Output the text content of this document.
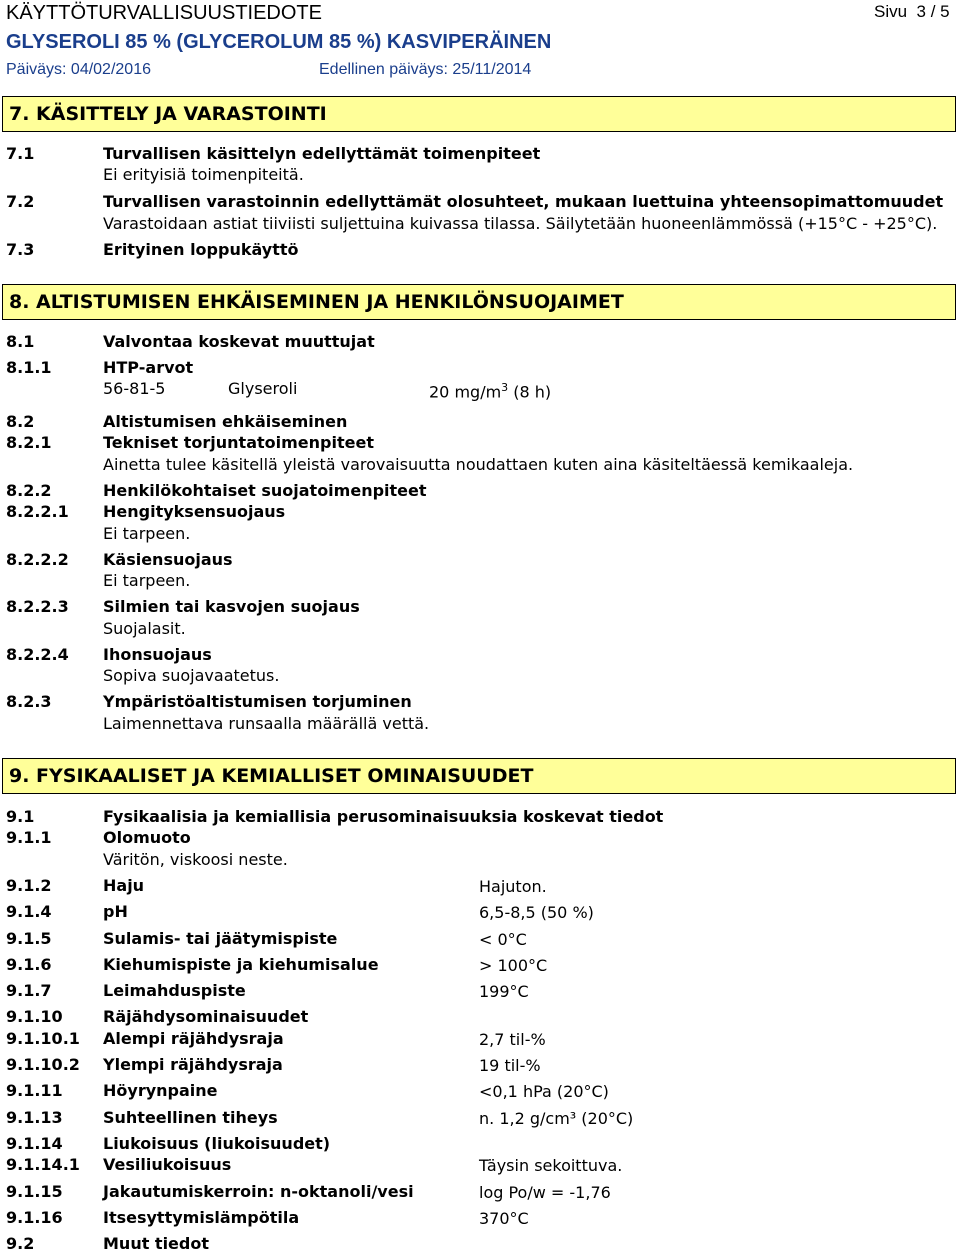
KÄYTTÖTURVALLISUUSTIEDOTE	Sivu  3 / 5
GLYSEROLI 85 % (GLYCEROLUM 85 %) KASVIPERÄINEN
Päiväys: 04/02/2016	Edellinen päiväys: 25/11/2014
7. KÄSITTELY JA VARASTOINTI
7.1	Turvallisen käsittelyn edellyttämät toimenpiteet
Ei erityisiä toimenpiteitä.
7.2	Turvallisen varastoinnin edellyttämät olosuhteet, mukaan luettuina yhteensopimattomuudet
Varastoidaan astiat tiiviisti suljettuina kuivassa tilassa. Säilytetään huoneenlämmössä (+15°C - +25°C).
7.3	Erityinen loppukäyttö
8. ALTISTUMISEN EHKÄISEMINEN JA HENKILÖNSUOJAIMET
8.1	Valvontaa koskevat muuttujat
8.1.1	HTP-arvot
56-81-5	Glyseroli	20 $mg/m^3$ (8 h)
8.2	Altistumisen ehkäiseminen
8.2.1	Tekniset torjuntatoimenpiteet
Ainetta tulee käsitellä yleistä varovaisuutta noudattaen kuten aina käsiteltäessä kemikaaleja.
8.2.2	Henkilökohtaiset suojatoimenpiteet
8.2.2.1 Hengityksensuojaus
Ei tarpeen.
8.2.2.2 Käsiensuojaus
Ei tarpeen.
8.2.2.3 Silmien tai kasvojen suojaus
Suojalasit.
8.2.2.4 Ihonsuojaus
Sopiva suojavaatetus.
8.2.3	Ympäristöaltistumisen torjuminen
Laimennettava runsaalla määrällä vettä.
9. FYSIKAALISET JA KEMIALLISET OMINAISUUDET
9.1	Fysikaalisia ja kemiallisia perusominaisuuksia koskevat tiedot
9.1.1	Olomuoto
Väritön, viskoosi neste.
9.1.2	Haju	Hajuton.
9.1.4	pH	6,5-8,5 (50 %)
9.1.5	Sulamis- tai jäätymispiste	< 0°C
9.1.6	Kiehumispiste ja kiehumisalue	> 100°C
9.1.7	Leimahduspiste	199°C
9.1.10	Räjähdysominaisuudet
9.1.10.1 Alempi räjähdysraja	2,7 til-%
9.1.10.2 Ylempi räjähdysraja	19 til-%
9.1.11	Höyrynpaine	<0,1 hPa (20°C)
9.1.13	Suhteellinen tiheys	n. 1,2 g/cm³ (20°C)
9.1.14	Liukoisuus (liukoisuudet)
9.1.14.1 Vesiliukoisuus	Täysin sekoittuva.
9.1.15	Jakautumiskerroin: n-oktanoli/vesi	log Po/w = -1,76
9.1.16	Itsesyttymislämpötila	370°C
9.2	Muut tiedot
